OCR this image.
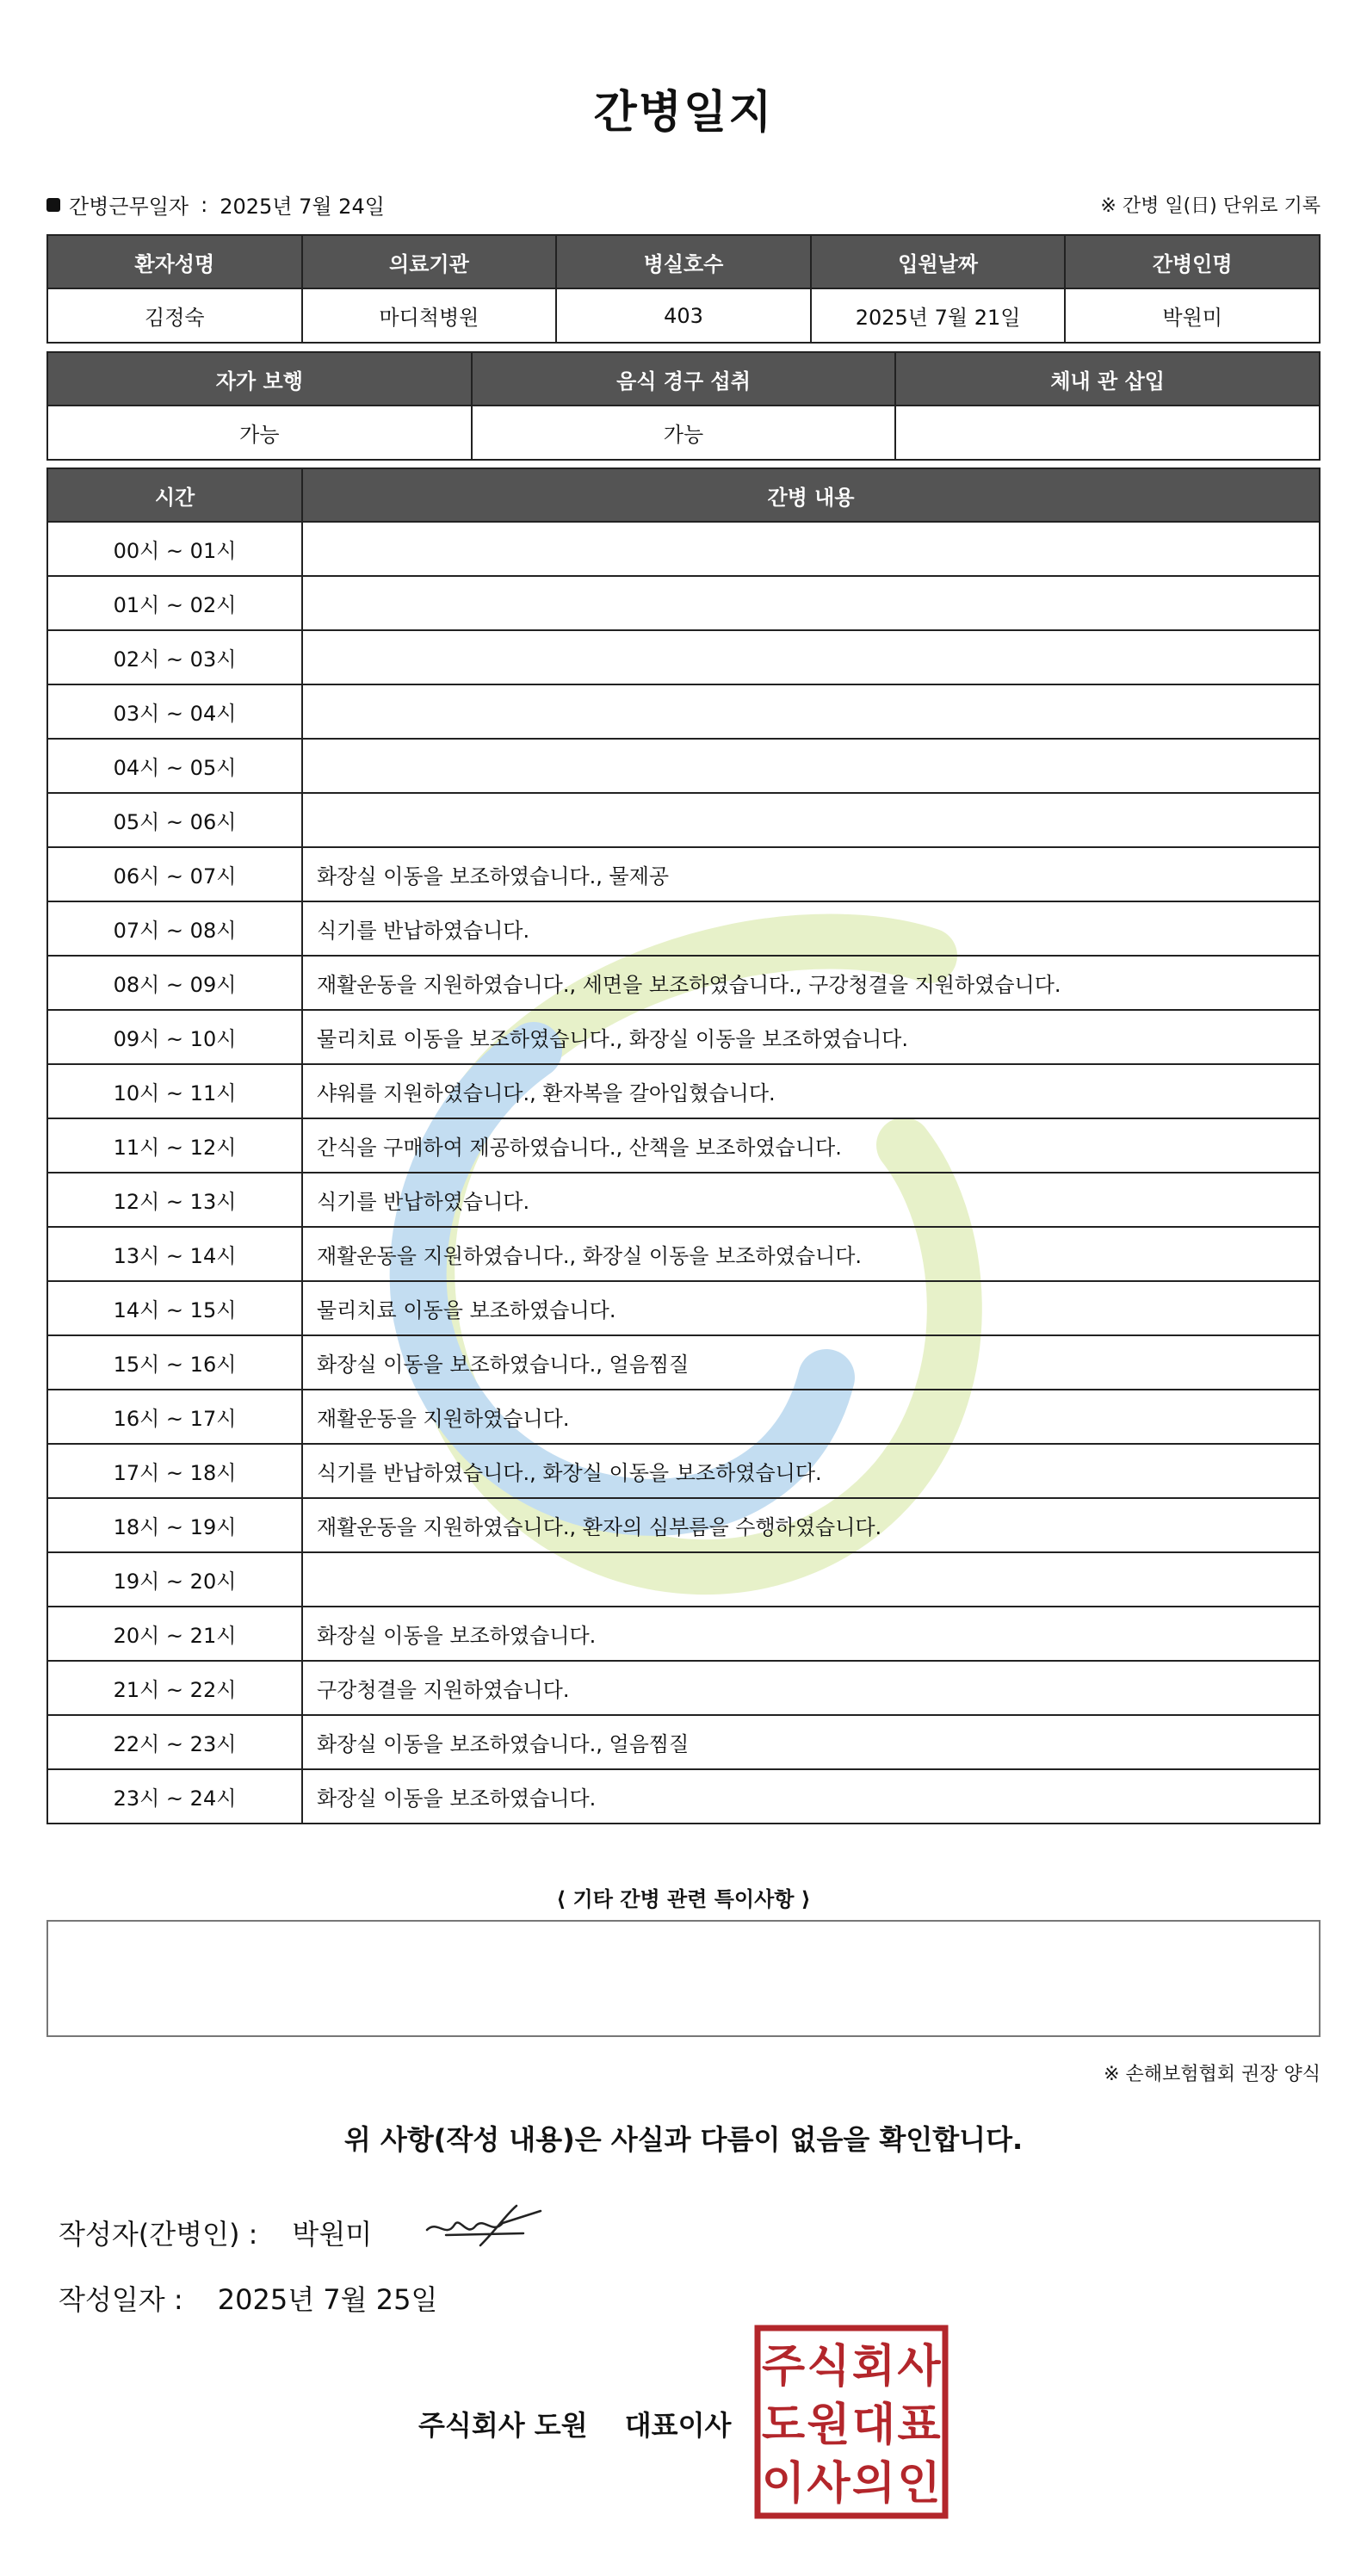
간병일지
간병근무일자 : 2025년 7월 24일	※ 간병 일(日) 단위로 기록
환자성명	의료기관	병실호수	입원날짜	간병인명
김정숙	마디척병원	403	2025년 7월 21일	박원미
자가 보행	음식 경구 섭취	체내 관 삽입
가능	가능	
시간	간병 내용
00시 ~ 01시	
01시 ~ 02시	
02시 ~ 03시	
03시 ~ 04시	
04시 ~ 05시	
05시 ~ 06시	
06시 ~ 07시	화장실 이동을 보조하였습니다., 물제공
07시 ~ 08시	식기를 반납하였습니다.
08시 ~ 09시	재활운동을 지원하였습니다., 세면을 보조하였습니다., 구강청결을 지원하였습니다.
09시 ~ 10시	물리치료 이동을 보조하였습니다., 화장실 이동을 보조하였습니다.
10시 ~ 11시	샤워를 지원하였습니다., 환자복을 갈아입혔습니다.
11시 ~ 12시	간식을 구매하여 제공하였습니다., 산책을 보조하였습니다.
12시 ~ 13시	식기를 반납하였습니다.
13시 ~ 14시	재활운동을 지원하였습니다., 화장실 이동을 보조하였습니다.
14시 ~ 15시	물리치료 이동을 보조하였습니다.
15시 ~ 16시	화장실 이동을 보조하였습니다., 얼음찜질
16시 ~ 17시	재활운동을 지원하였습니다.
17시 ~ 18시	식기를 반납하였습니다., 화장실 이동을 보조하였습니다.
18시 ~ 19시	재활운동을 지원하였습니다., 환자의 심부름을 수행하였습니다.
19시 ~ 20시	
20시 ~ 21시	화장실 이동을 보조하였습니다.
21시 ~ 22시	구강청결을 지원하였습니다.
22시 ~ 23시	화장실 이동을 보조하였습니다., 얼음찜질
23시 ~ 24시	화장실 이동을 보조하였습니다.
⟨ 기타 간병 관련 특이사항 ⟩
※ 손해보험협회 권장 양식
위 사항(작성 내용)은 사실과 다름이 없음을 확인합니다.
작성자(간병인) : 박원미
작성일자 : 2025년 7월 25일
주식회사 도원 대표이사
주 식 회 사
도 원 대 표
이 사 의 인
